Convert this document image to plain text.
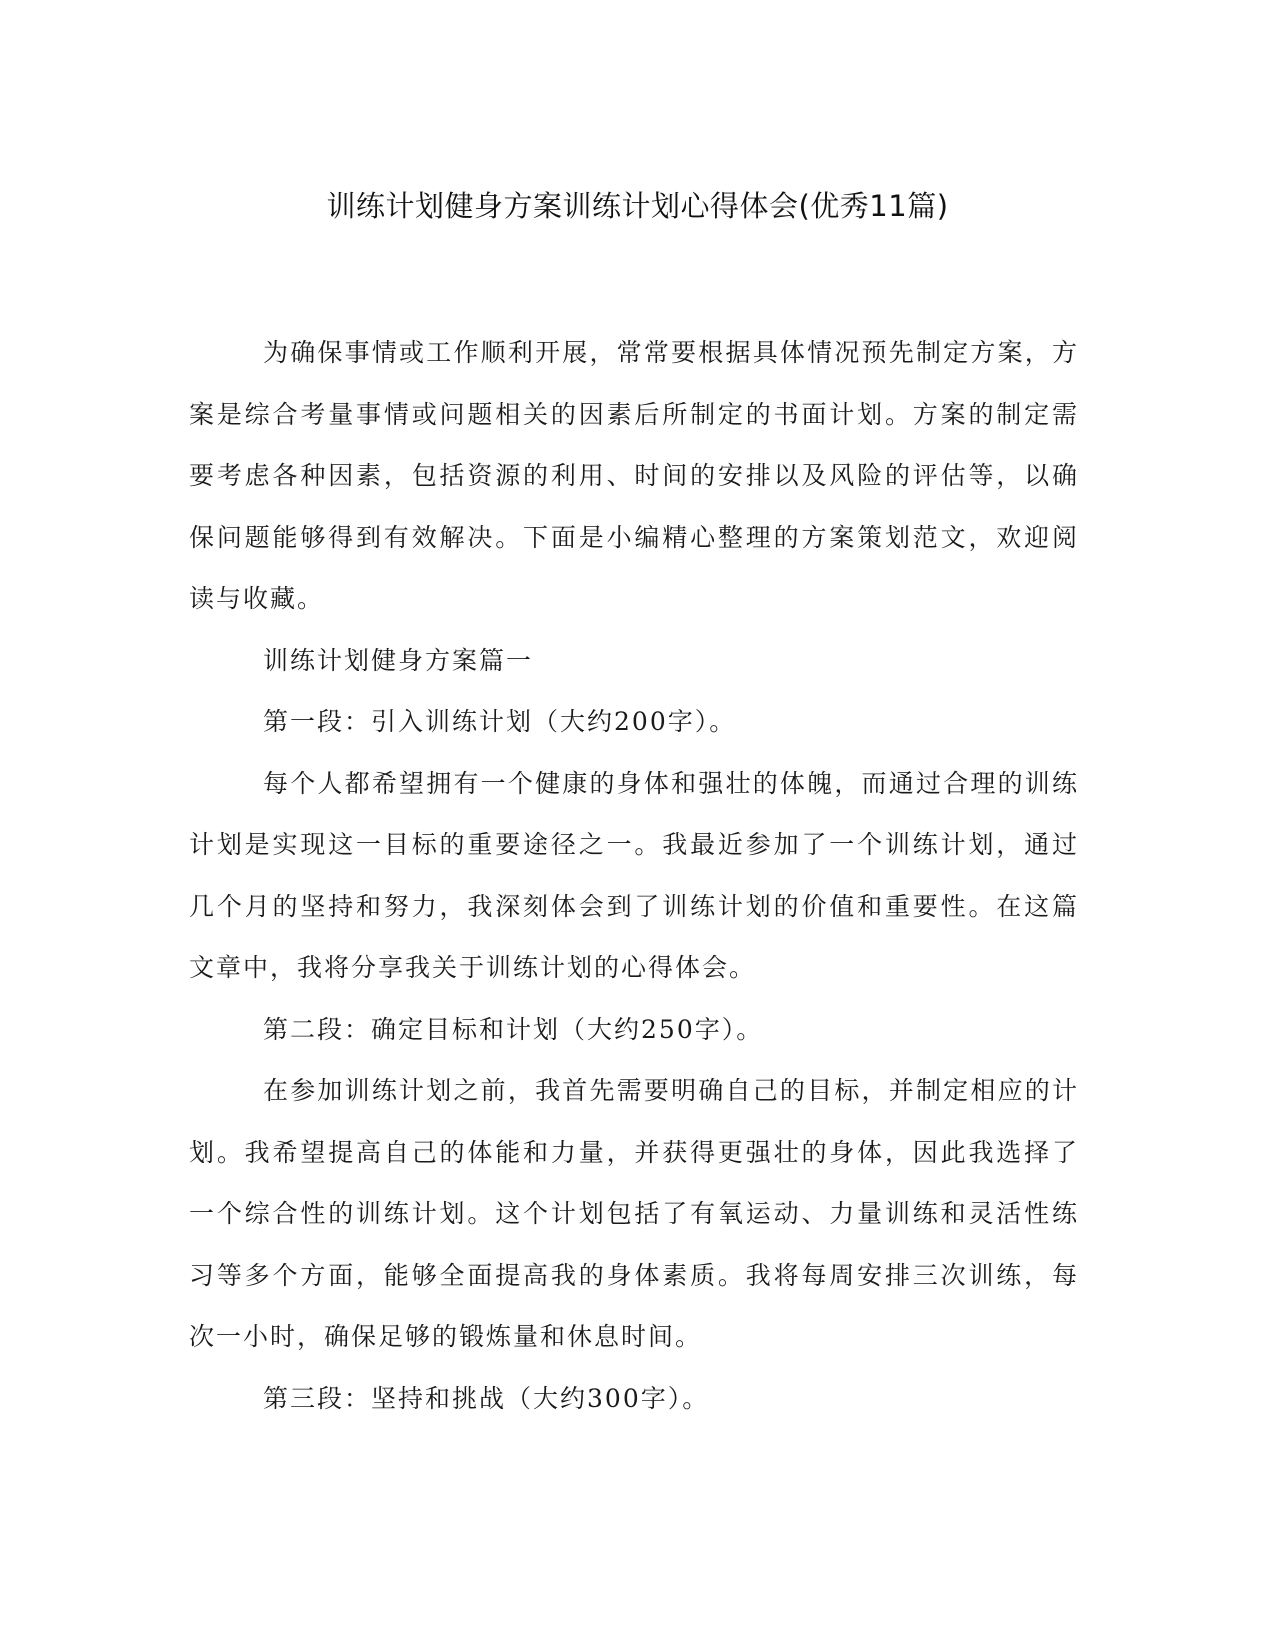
训练计划健身方案训练计划心得体会(优秀11篇)

为确保事情或工作顺利开展，常常要根据具体情况预先制定方案，方案是综合考量事情或问题相关的因素后所制定的书面计划。方案的制定需要考虑各种因素，包括资源的利用、时间的安排以及风险的评估等，以确保问题能够得到有效解决。下面是小编精心整理的方案策划范文，欢迎阅读与收藏。

训练计划健身方案篇一

第一段：引入训练计划（大约200字）。

每个人都希望拥有一个健康的身体和强壮的体魄，而通过合理的训练计划是实现这一目标的重要途径之一。我最近参加了一个训练计划，通过几个月的坚持和努力，我深刻体会到了训练计划的价值和重要性。在这篇文章中，我将分享我关于训练计划的心得体会。

第二段：确定目标和计划（大约250字）。

在参加训练计划之前，我首先需要明确自己的目标，并制定相应的计划。我希望提高自己的体能和力量，并获得更强壮的身体，因此我选择了一个综合性的训练计划。这个计划包括了有氧运动、力量训练和灵活性练习等多个方面，能够全面提高我的身体素质。我将每周安排三次训练，每次一小时，确保足够的锻炼量和休息时间。

第三段：坚持和挑战（大约300字）。
